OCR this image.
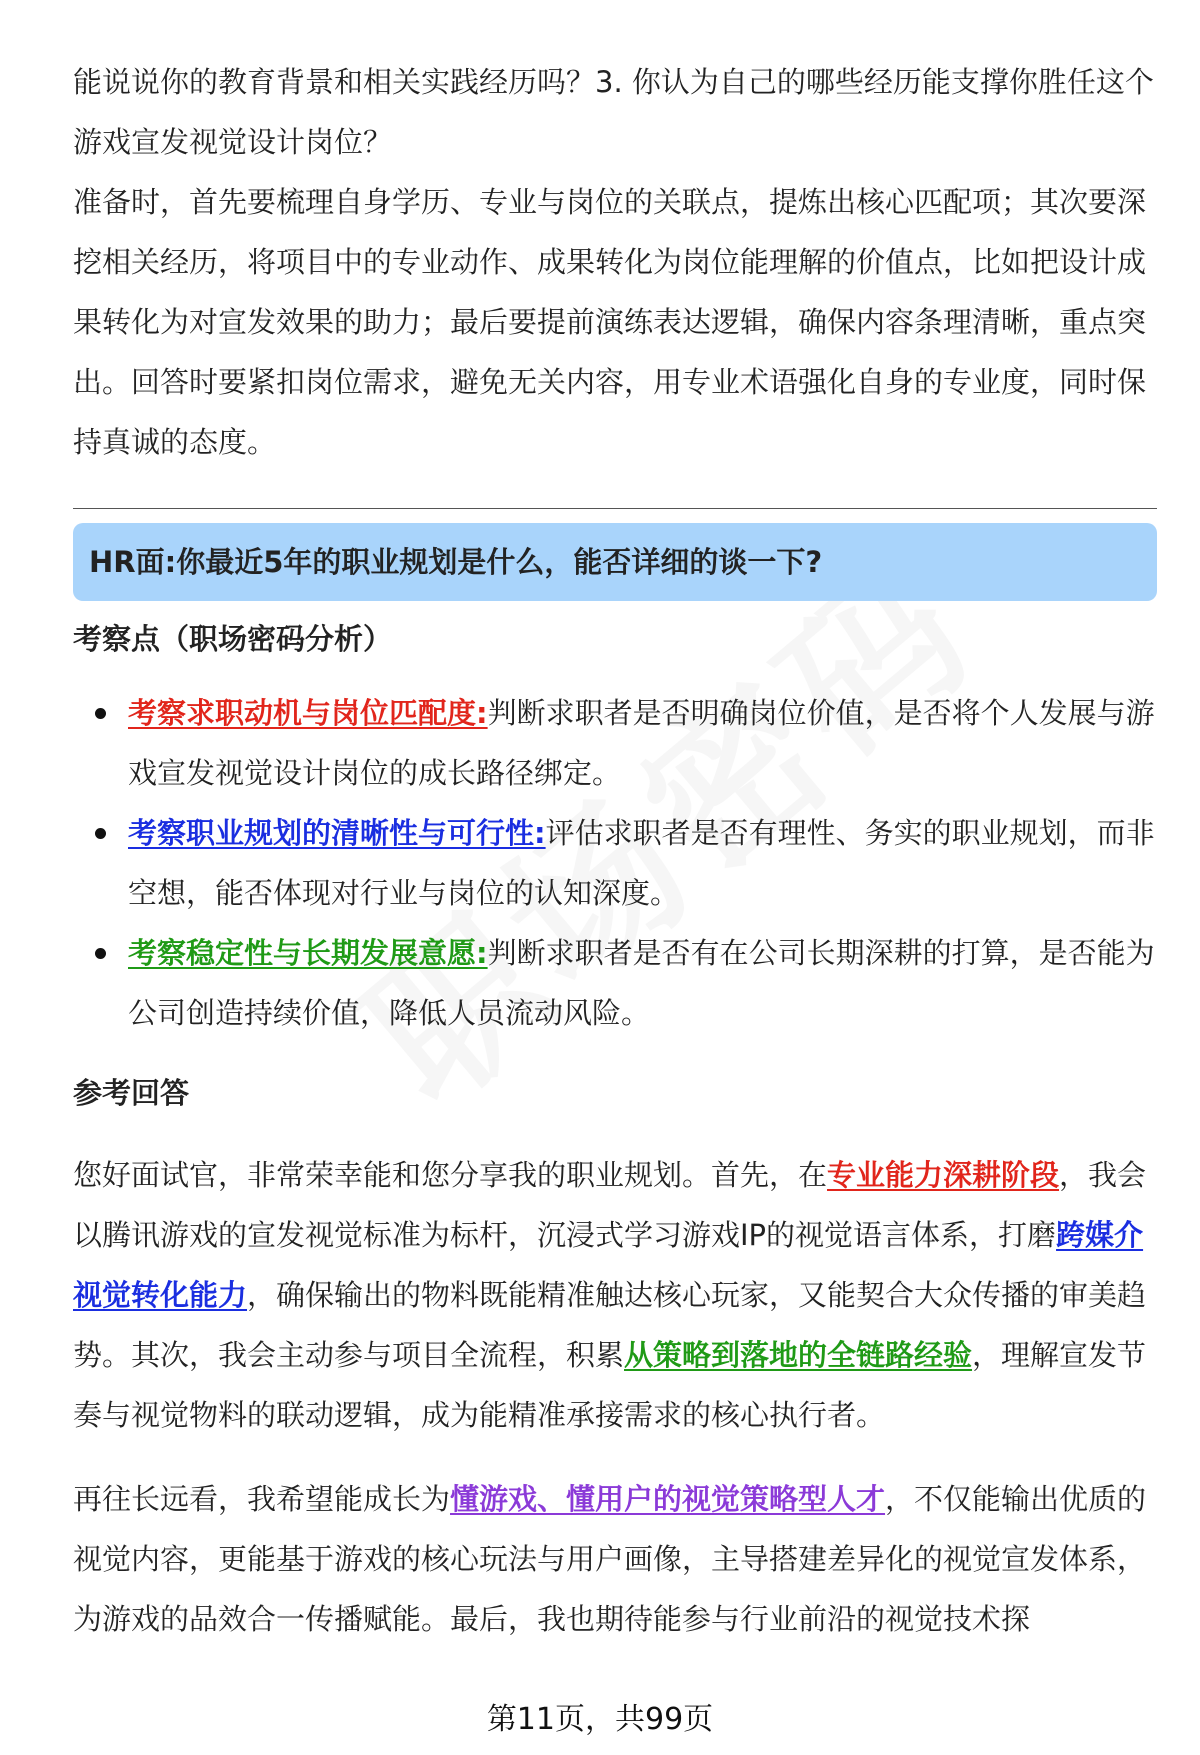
能说说你的教育背景和相关实践经历吗？3. 你认为自己的哪些经历能支撑你胜任这个游戏宣发视觉设计岗位？

准备时，首先要梳理自身学历、专业与岗位的关联点，提炼出核心匹配项；其次要深挖相关经历，将项目中的专业动作、成果转化为岗位能理解的价值点，比如把设计成果转化为对宣发效果的助力；最后要提前演练表达逻辑，确保内容条理清晰，重点突出。回答时要紧扣岗位需求，避免无关内容，用专业术语强化自身的专业度，同时保持真诚的态度。

HR面:你最近5年的职业规划是什么，能否详细的谈一下?
考察点（职场密码分析）
考察求职动机与岗位匹配度:判断求职者是否明确岗位价值，是否将个人发展与游戏宣发视觉设计岗位的成长路径绑定。
考察职业规划的清晰性与可行性:评估求职者是否有理性、务实的职业规划，而非空想，能否体现对行业与岗位的认知深度。
考察稳定性与长期发展意愿:判断求职者是否有在公司长期深耕的打算，是否能为公司创造持续价值，降低人员流动风险。
参考回答

您好面试官，非常荣幸能和您分享我的职业规划。首先，在专业能力深耕阶段，我会以腾讯游戏的宣发视觉标准为标杆，沉浸式学习游戏IP的视觉语言体系，打磨跨媒介视觉转化能力，确保输出的物料既能精准触达核心玩家，又能契合大众传播的审美趋势。其次，我会主动参与项目全流程，积累从策略到落地的全链路经验，理解宣发节奏与视觉物料的联动逻辑，成为能精准承接需求的核心执行者。

再往长远看，我希望能成长为懂游戏、懂用户的视觉策略型人才，不仅能输出优质的视觉内容，更能基于游戏的核心玩法与用户画像，主导搭建差异化的视觉宣发体系，为游戏的品效合一传播赋能。最后，我也期待能参与行业前沿的视觉技术探

第11页，共99页
